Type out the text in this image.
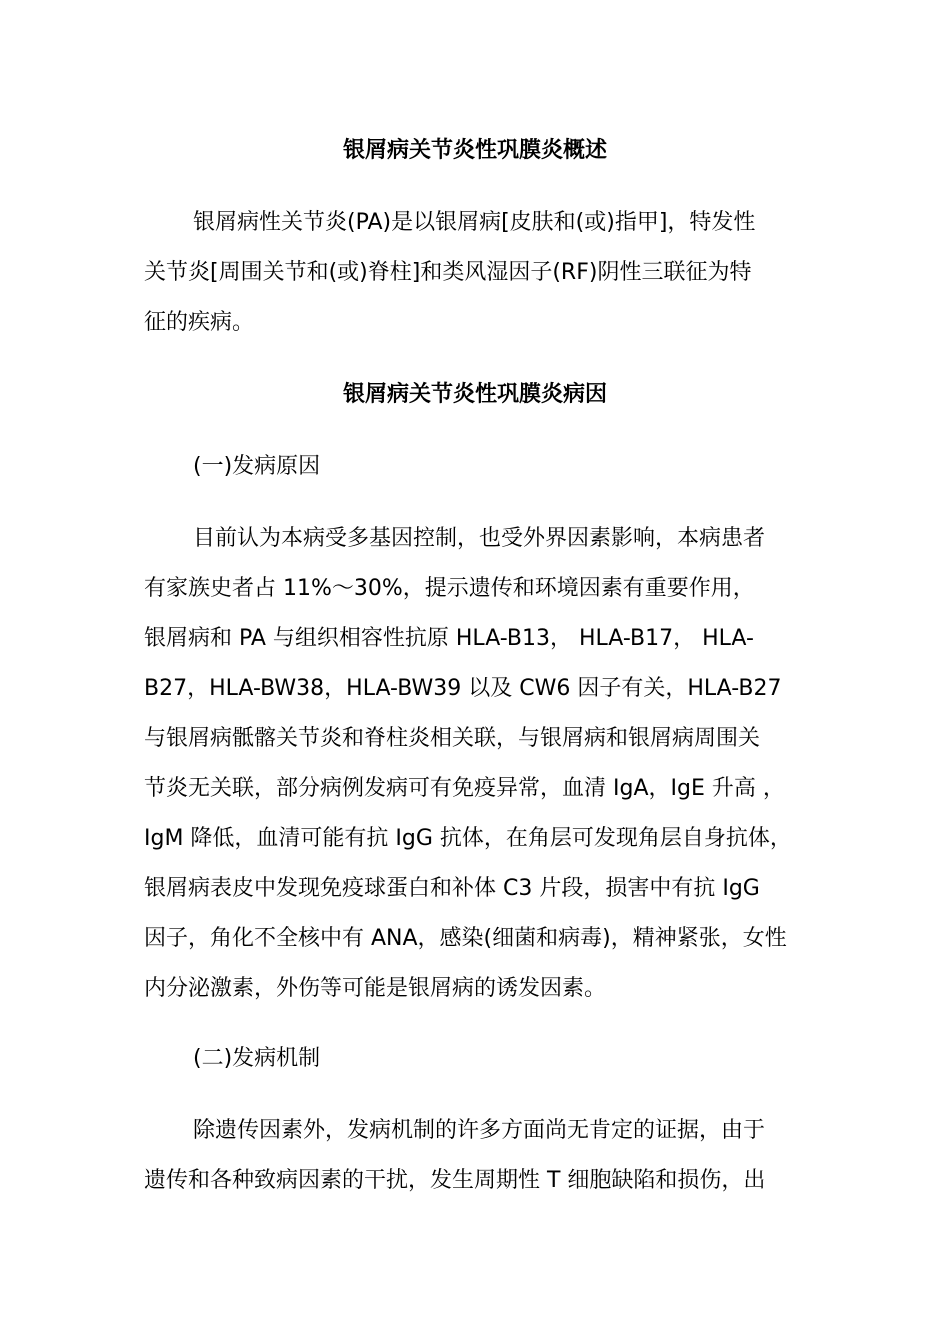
银屑病关节炎性巩膜炎概述

银屑病性关节炎(PA)是以银屑病[皮肤和(或)指甲]，特发性

关节炎[周围关节和(或)脊柱]和类风湿因子(RF)阴性三联征为特

征的疾病。

银屑病关节炎性巩膜炎病因

(一)发病原因

目前认为本病受多基因控制，也受外界因素影响，本病患者

有家族史者占 11%～30%，提示遗传和环境因素有重要作用，

银屑病和 PA 与组织相容性抗原 HLA-B13， HLA-B17， HLA-

B27，HLA-BW38，HLA-BW39 以及 CW6 因子有关，HLA-B27

与银屑病骶髂关节炎和脊柱炎相关联，与银屑病和银屑病周围关

节炎无关联，部分病例发病可有免疫异常，血清 IgA，IgE 升高 ，

IgM 降低，血清可能有抗 IgG 抗体，在角层可发现角层自身抗体，

银屑病表皮中发现免疫球蛋白和补体 C3 片段，损害中有抗 IgG

因子，角化不全核中有 ANA，感染(细菌和病毒)，精神紧张，女性

内分泌激素，外伤等可能是银屑病的诱发因素。

(二)发病机制

除遗传因素外，发病机制的许多方面尚无肯定的证据，由于

遗传和各种致病因素的干扰，发生周期性 T 细胞缺陷和损伤，出
